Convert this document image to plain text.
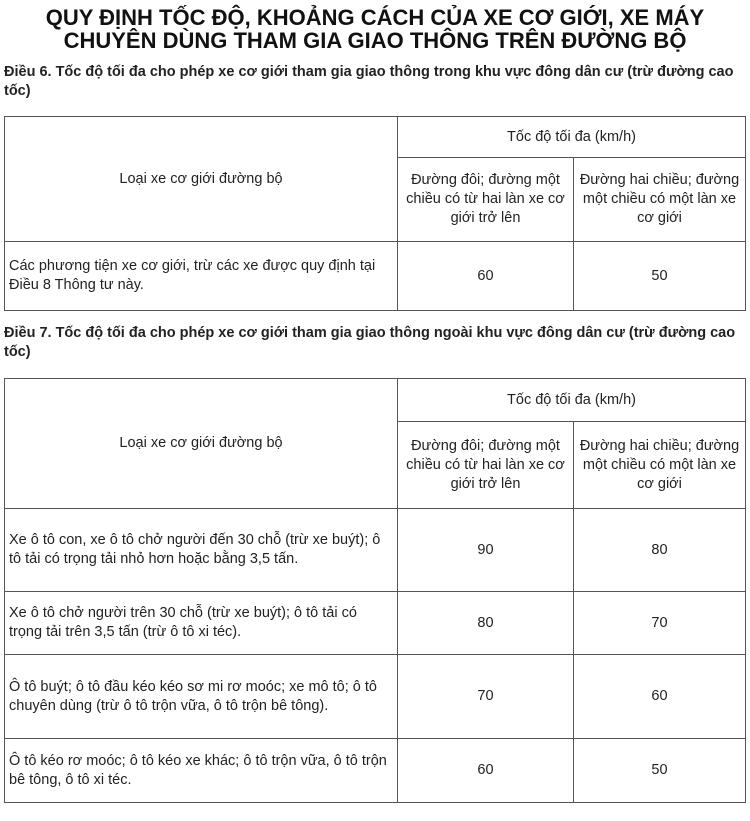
QUY ĐỊNH TỐC ĐỘ, KHOẢNG CÁCH CỦA XE CƠ GIỚI, XE MÁY
CHUYÊN DÙNG THAM GIA GIAO THÔNG TRÊN ĐƯỜNG BỘ
Điều 6. Tốc độ tối đa cho phép xe cơ giới tham gia giao thông trong khu vực đông dân cư (trừ đường cao tốc)
Loại xe cơ giới đường bộ	Tốc độ tối đa (km/h)	
	Đường đôi; đường một chiều có từ hai làn xe cơ giới trở lên	Đường hai chiều; đường một chiều có một làn xe cơ giới
Các phương tiện xe cơ giới, trừ các xe được quy định tại Điều 8 Thông tư này.	60	50
Điều 7. Tốc độ tối đa cho phép xe cơ giới tham gia giao thông ngoài khu vực đông dân cư (trừ đường cao tốc)
Loại xe cơ giới đường bộ	Tốc độ tối đa (km/h)	
	Đường đôi; đường một chiều có từ hai làn xe cơ giới trở lên	Đường hai chiều; đường một chiều có một làn xe cơ giới
Xe ô tô con, xe ô tô chở người đến 30 chỗ (trừ xe buýt); ô tô tải có trọng tải nhỏ hơn hoặc bằng 3,5 tấn.	90	80
Xe ô tô chở người trên 30 chỗ (trừ xe buýt); ô tô tải có trọng tải trên 3,5 tấn (trừ ô tô xi téc).	80	70
Ô tô buýt; ô tô đầu kéo kéo sơ mi rơ moóc; xe mô tô; ô tô chuyên dùng (trừ ô tô trộn vữa, ô tô trộn bê tông).	70	60
Ô tô kéo rơ moóc; ô tô kéo xe khác; ô tô trộn vữa, ô tô trộn bê tông, ô tô xi téc.	60	50
